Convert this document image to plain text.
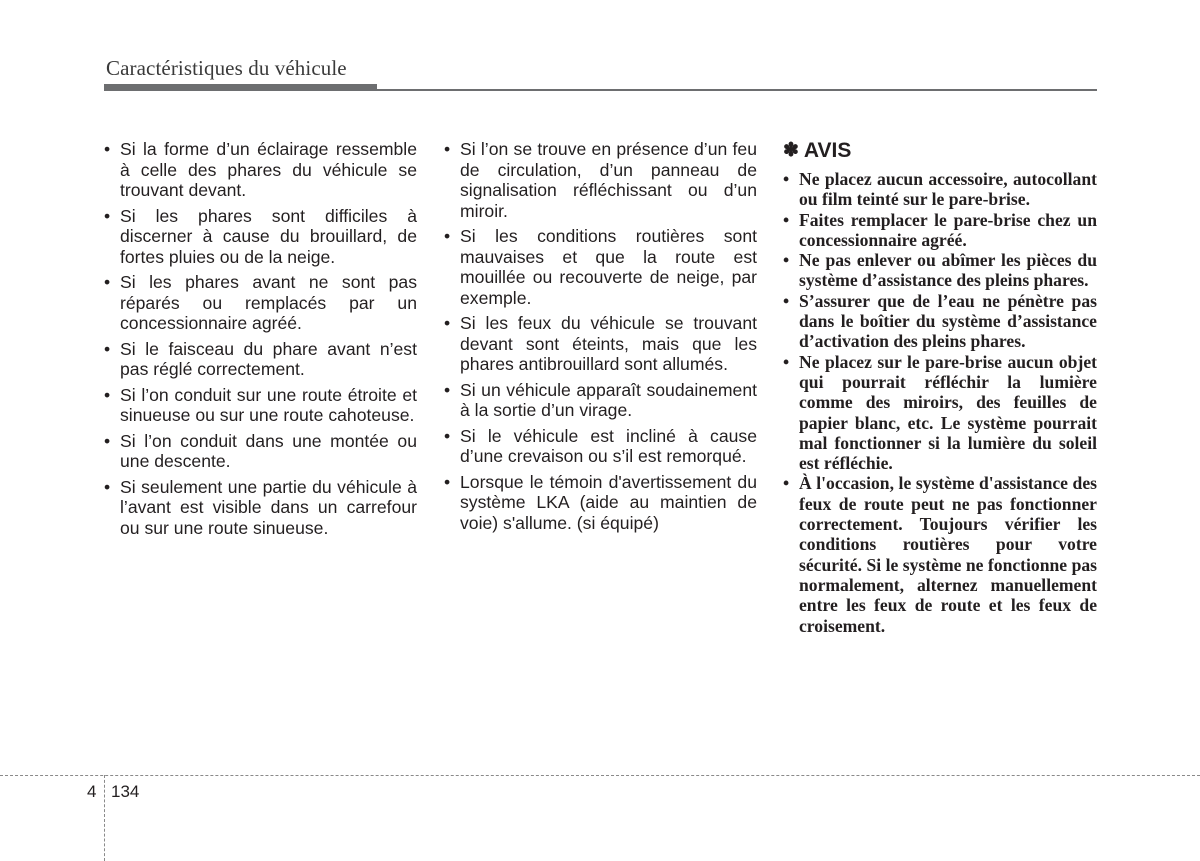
Caractéristiques du véhicule
• Si la forme d’un éclairage ressemble à celle des phares du véhicule se trouvant devant.
• Si les phares sont difficiles à discerner à cause du brouillard, de fortes pluies ou de la neige.
• Si les phares avant ne sont pas réparés ou remplacés par un concessionnaire agréé.
• Si le faisceau du phare avant n’est pas réglé correctement.
• Si l’on conduit sur une route étroite et sinueuse ou sur une route cahoteuse.
• Si l’on conduit dans une montée ou une descente.
• Si seulement une partie du véhicule à l’avant est visible dans un carrefour ou sur une route sinueuse.
• Si l’on se trouve en présence d’un feu de circulation, d’un panneau de signalisation réfléchissant ou d’un miroir.
• Si les conditions routières sont mauvaises et que la route est mouillée ou recouverte de neige, par exemple.
• Si les feux du véhicule se trouvant devant sont éteints, mais que les phares antibrouillard sont allumés.
• Si un véhicule apparaît soudainement à la sortie d’un virage.
• Si le véhicule est incliné à cause d’une crevaison ou s’il est remorqué.
• Lorsque le témoin d'avertissement du système LKA (aide au maintien de voie) s'allume. (si équipé)
✽ AVIS
• Ne placez aucun accessoire, autocollant ou film teinté sur le pare-brise.
• Faites remplacer le pare-brise chez un concessionnaire agréé.
• Ne pas enlever ou abîmer les pièces du système d’assistance des pleins phares.
• S’assurer que de l’eau ne pénètre pas dans le boîtier du système d’assistance d’activation des pleins phares.
• Ne placez sur le pare-brise aucun objet qui pourrait réfléchir la lumière comme des miroirs, des feuilles de papier blanc, etc. Le système pourrait mal fonctionner si la lumière du soleil est réfléchie.
• À l'occasion, le système d'assistance des feux de route peut ne pas fonctionner correctement. Toujours vérifier les conditions routières pour votre sécurité. Si le système ne fonctionne pas normalement, alternez manuellement entre les feux de route et les feux de croisement.
4 134
